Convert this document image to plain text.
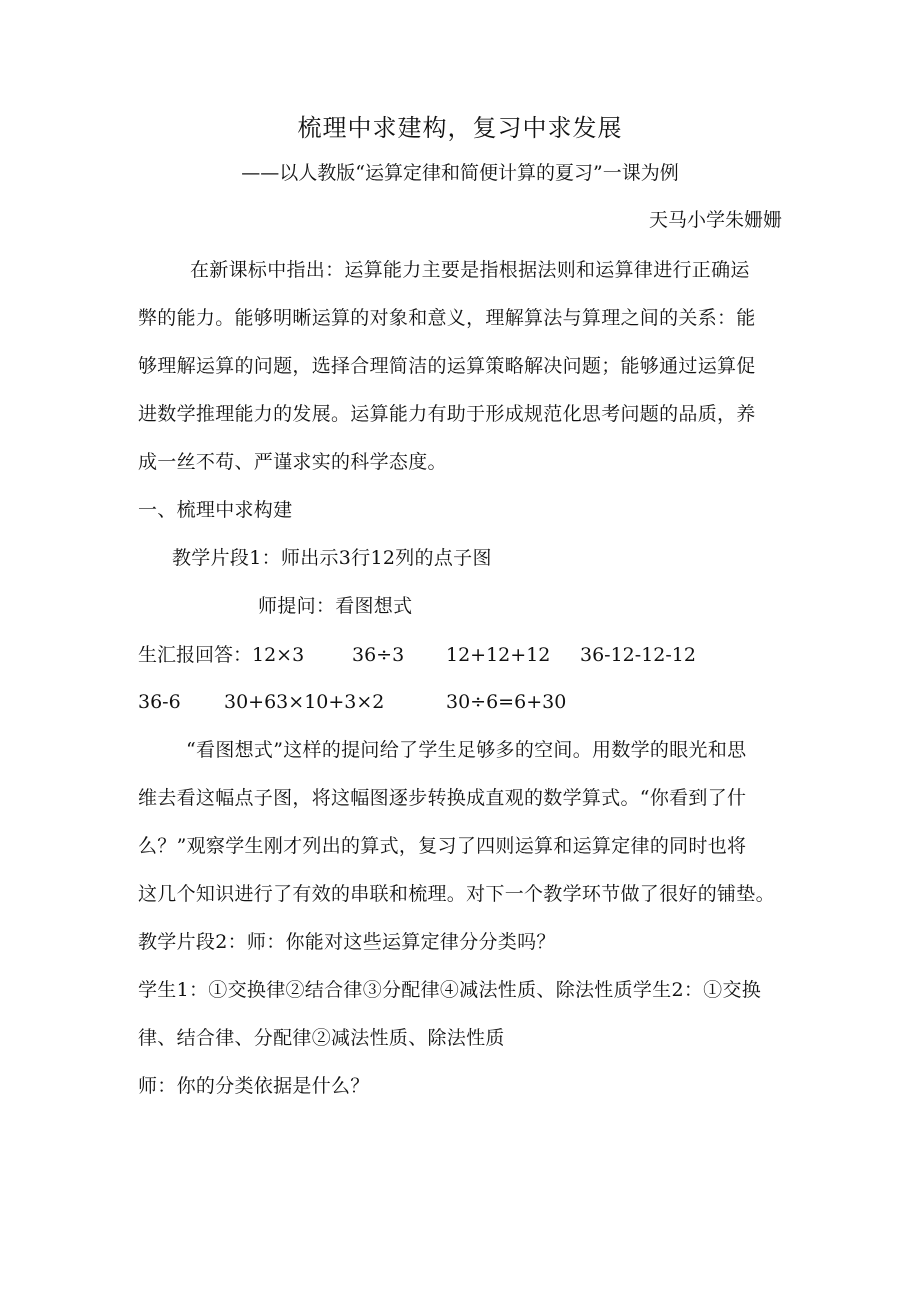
梳理中求建构，复习中求发展
——以人教版“运算定律和简便计算的夏习”一课为例
天马小学朱姗姗
在新课标中指出：运算能力主要是指根据法则和运算律进行正确运
弊的能力。能够明晰运算的对象和意义，理解算法与算理之间的关系：能
够理解运算的问题，选择合理简洁的运算策略解决问题；能够通过运算促
进数学推理能力的发展。运算能力有助于形成规范化思考问题的品质，养
成一丝不苟、严谨求实的科学态度。
一、梳理中求构建
教学片段1：师出示3行12列的点子图
师提问：看图想式
生汇报回答：12×3	36÷3 12+12+12 36-12-12-12
36-6 30+63×10+3×2	30÷6=6+30
“看图想式”这样的提问给了学生足够多的空间。用数学的眼光和思
维去看这幅点子图，将这幅图逐步转换成直观的数学算式。“你看到了什
么？”观察学生刚才列出的算式，复习了四则运算和运算定律的同时也将
这几个知识进行了有效的串联和梳理。对下一个教学环节做了很好的铺垫。
教学片段2：师：你能对这些运算定律分分类吗？
学生1：①交换律②结合律③分配律④减法性质、除法性质学生2：①交换
律、结合律、分配律②减法性质、除法性质
师：你的分类依据是什么？
